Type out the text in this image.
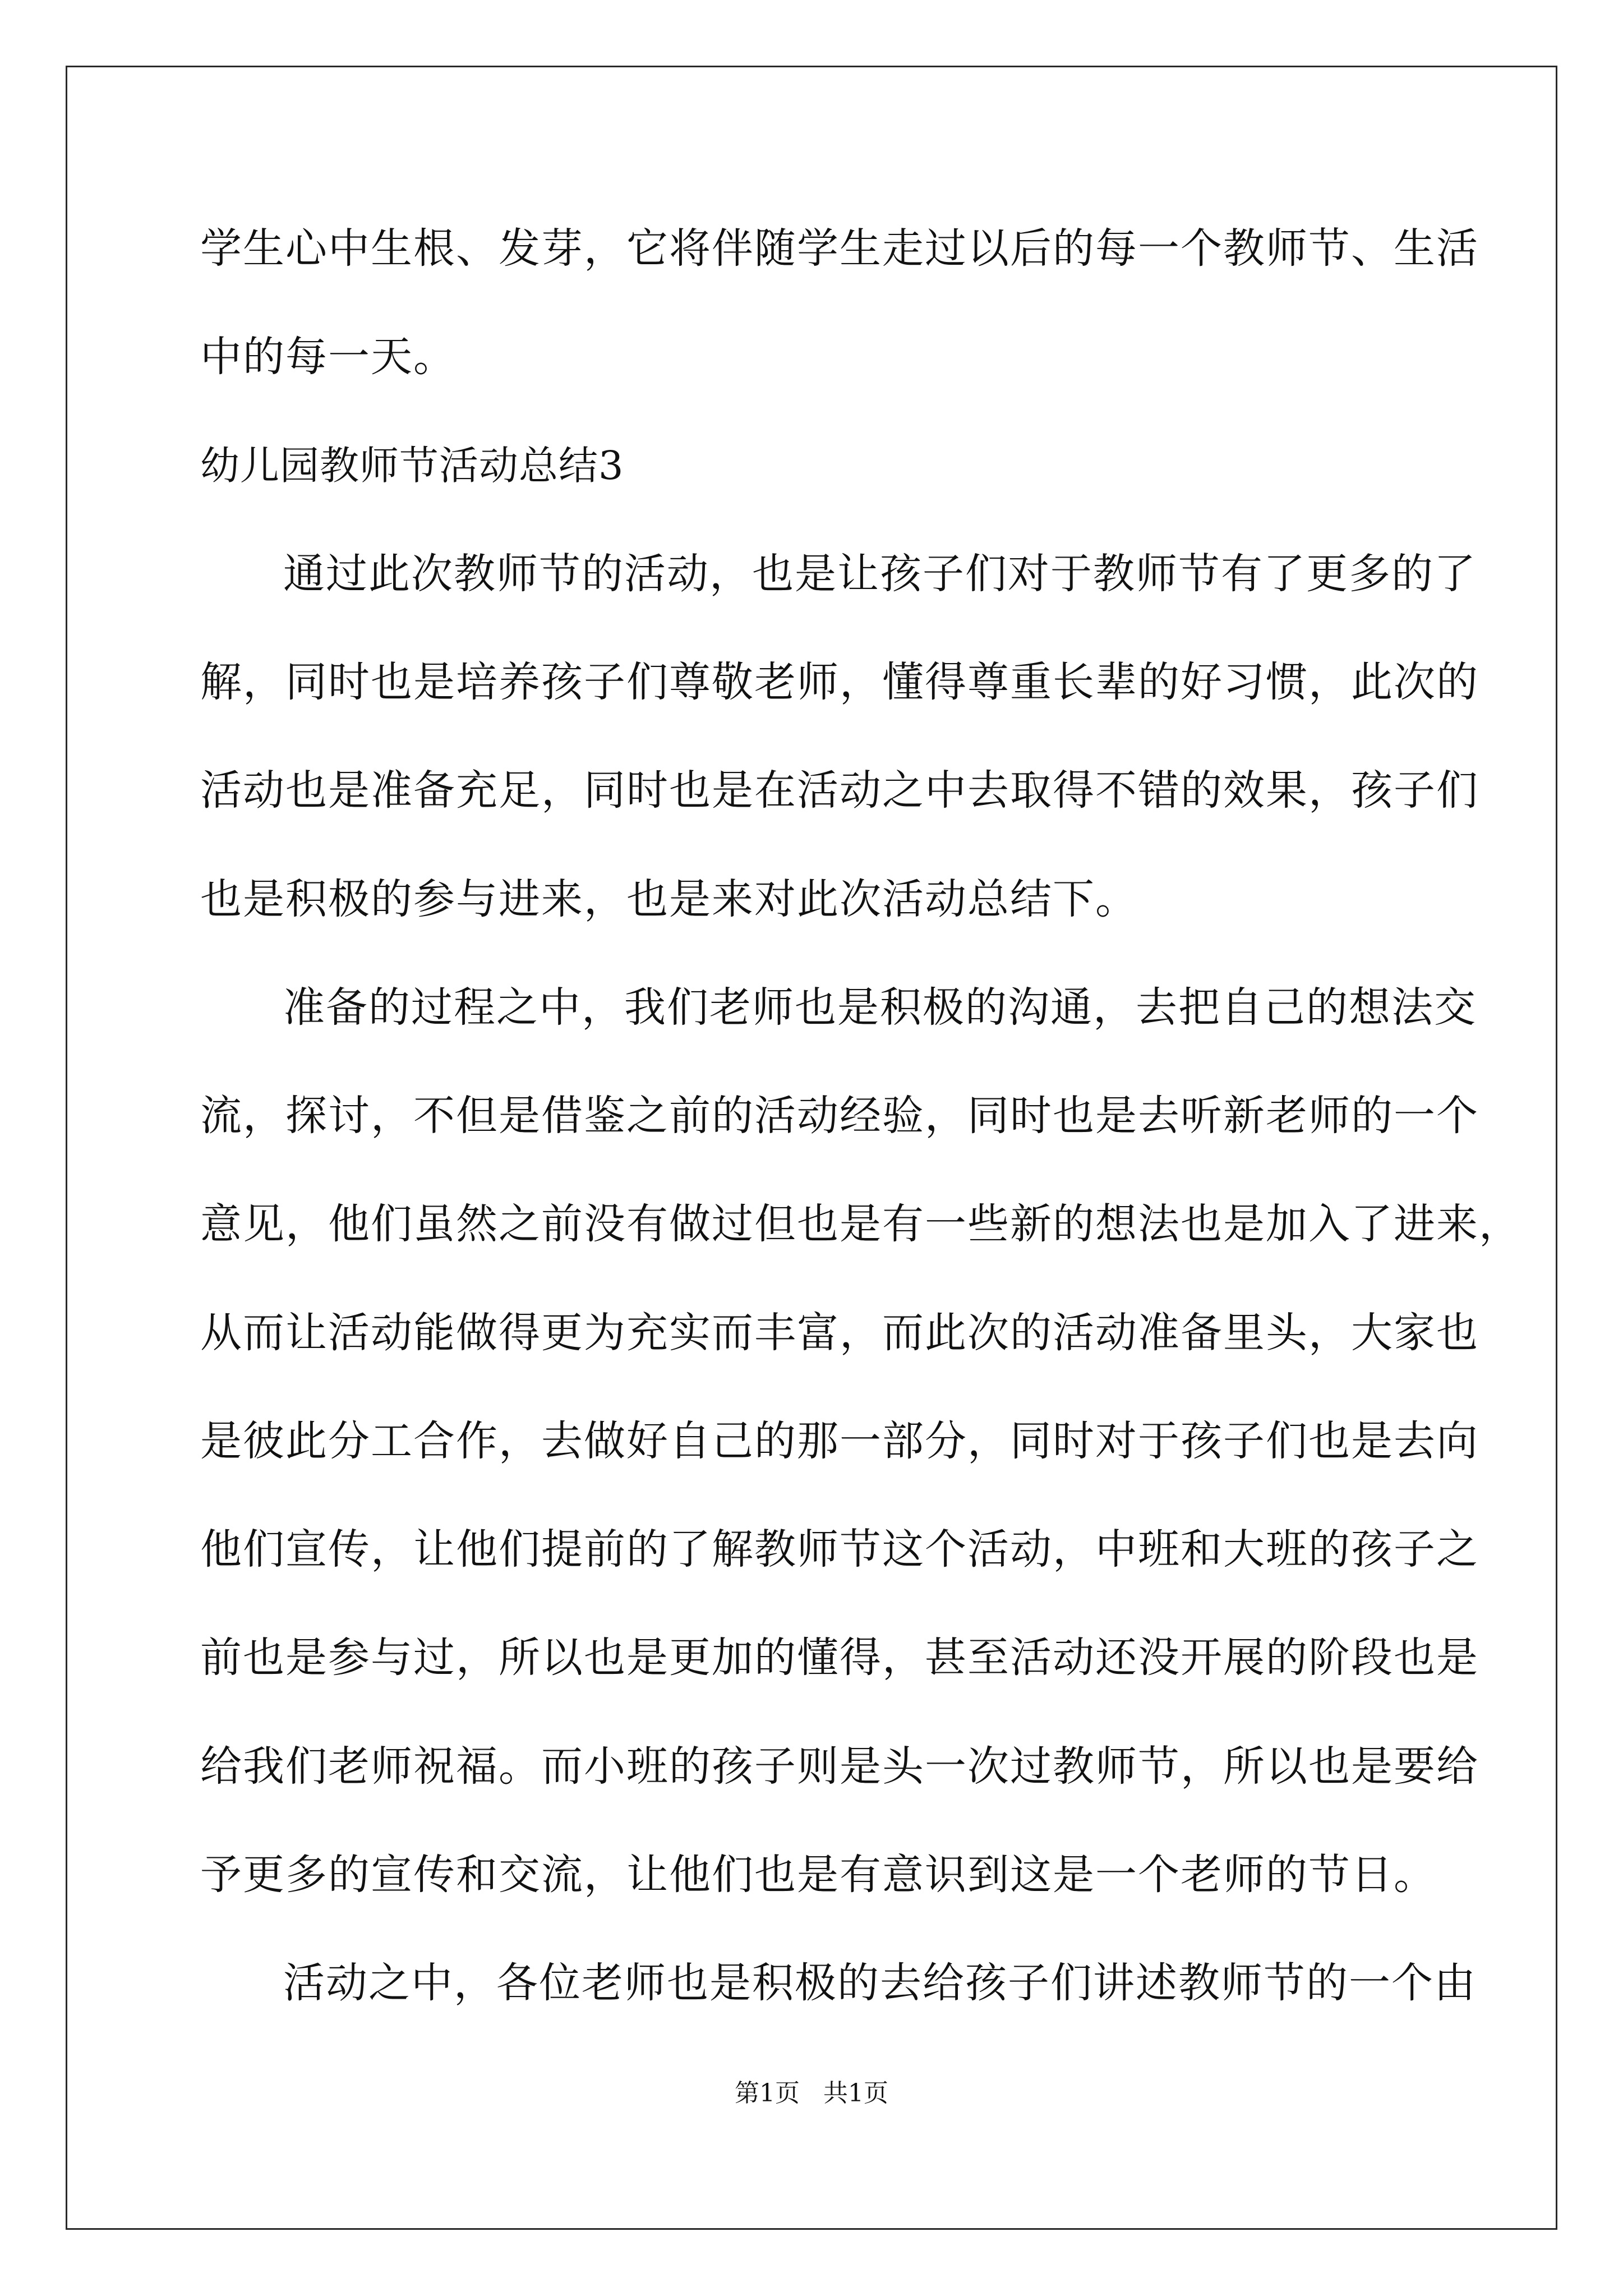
学生心中生根、发芽，它将伴随学生走过以后的每一个教师节、生活
中的每一天。
幼儿园教师节活动总结3
通过此次教师节的活动，也是让孩子们对于教师节有了更多的了
解，同时也是培养孩子们尊敬老师，懂得尊重长辈的好习惯，此次的
活动也是准备充足，同时也是在活动之中去取得不错的效果，孩子们
也是积极的参与进来，也是来对此次活动总结下。
准备的过程之中，我们老师也是积极的沟通，去把自己的想法交
流，探讨，不但是借鉴之前的活动经验，同时也是去听新老师的一个
意见，他们虽然之前没有做过但也是有一些新的想法也是加入了进来，
从而让活动能做得更为充实而丰富，而此次的活动准备里头，大家也
是彼此分工合作，去做好自己的那一部分，同时对于孩子们也是去向
他们宣传，让他们提前的了解教师节这个活动，中班和大班的孩子之
前也是参与过，所以也是更加的懂得，甚至活动还没开展的阶段也是
给我们老师祝福。而小班的孩子则是头一次过教师节，所以也是要给
予更多的宣传和交流，让他们也是有意识到这是一个老师的节日。
活动之中，各位老师也是积极的去给孩子们讲述教师节的一个由
第1页 共1页
